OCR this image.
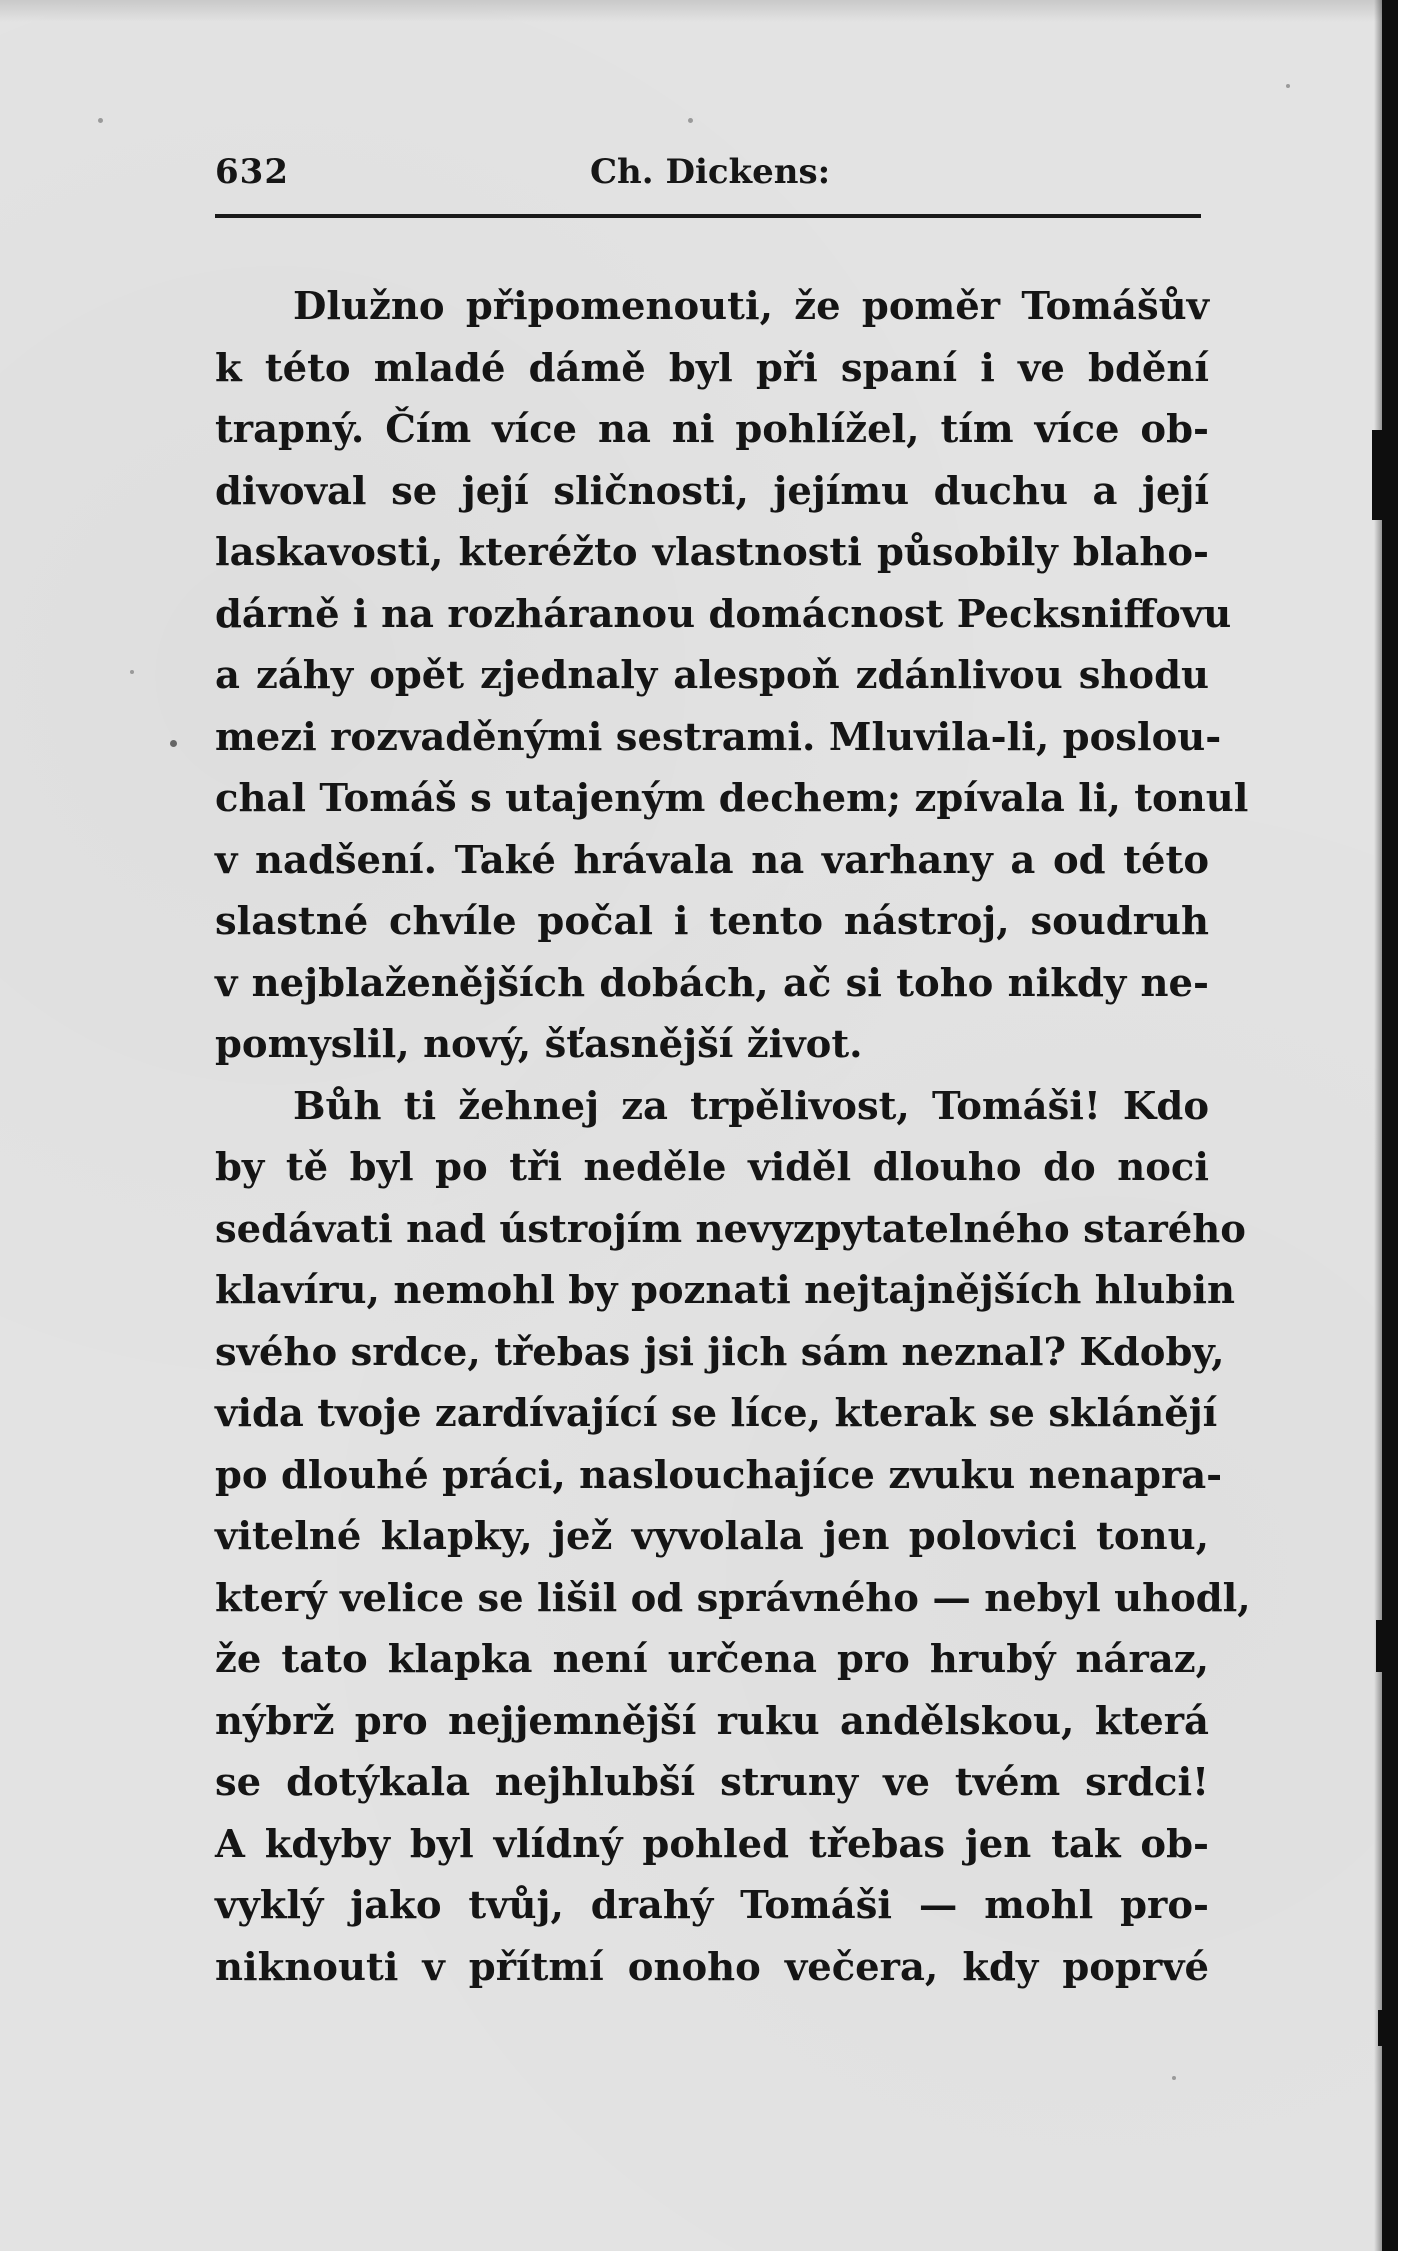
632	Ch. Dickens:
Dlužno připomenouti, že poměr Tomášův
k této mladé dámě byl při spaní i ve bdění
trapný. Čím více na ni pohlížel, tím více ob-
divoval se její sličnosti, jejímu duchu a její
laskavosti, kteréžto vlastnosti působily blaho-
dárně i na rozháranou domácnost Pecksniffovu
a záhy opět zjednaly alespoň zdánlivou shodu
mezi rozvaděnými sestrami. Mluvila-li, poslou-
chal Tomáš s utajeným dechem; zpívala li, tonul
v nadšení. Také hrávala na varhany a od této
slastné chvíle počal i tento nástroj, soudruh
v nejblaženějších dobách, ač si toho nikdy ne-
pomyslil, nový, šťasnější život.
Bůh ti žehnej za trpělivost, Tomáši! Kdo
by tě byl po tři neděle viděl dlouho do noci
sedávati nad ústrojím nevyzpytatelného starého
klavíru, nemohl by poznati nejtajnějších hlubin
svého srdce, třebas jsi jich sám neznal? Kdoby,
vida tvoje zardívající se líce, kterak se sklánějí
po dlouhé práci, naslouchajíce zvuku nenapra-
vitelné klapky, jež vyvolala jen polovici tonu,
který velice se lišil od správného — nebyl uhodl,
že tato klapka není určena pro hrubý náraz,
nýbrž pro nejjemnější ruku andělskou, která
se dotýkala nejhlubší struny ve tvém srdci!
A kdyby byl vlídný pohled třebas jen tak ob-
vyklý jako tvůj, drahý Tomáši — mohl pro-
niknouti v přítmí onoho večera, kdy poprvé
